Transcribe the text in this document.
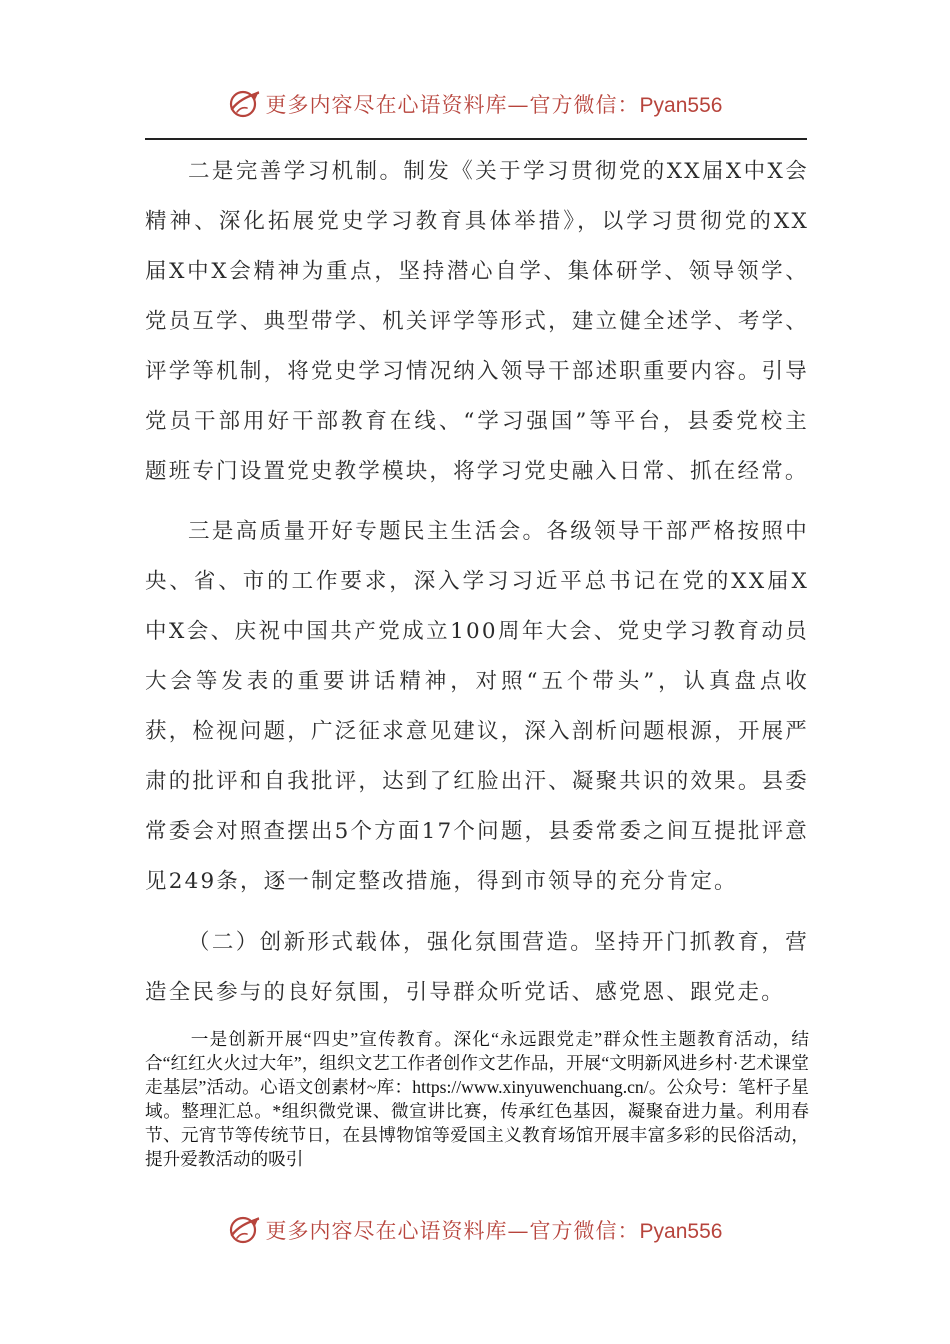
更多内容尽在心语资料库—官方微信：Pyan556

二是完善学习机制。制发《关于学习贯彻党的XX届X中X会精神、深化拓展党史学习教育具体举措》，以学习贯彻党的XX届X中X会精神为重点，坚持潜心自学、集体研学、领导领学、党员互学、典型带学、机关评学等形式，建立健全述学、考学、评学等机制，将党史学习情况纳入领导干部述职重要内容。引导党员干部用好干部教育在线、“学习强国”等平台，县委党校主题班专门设置党史教学模块，将学习党史融入日常、抓在经常。

三是高质量开好专题民主生活会。各级领导干部严格按照中央、省、市的工作要求，深入学习习近平总书记在党的XX届X中X会、庆祝中国共产党成立100周年大会、党史学习教育动员大会等发表的重要讲话精神，对照“五个带头”，认真盘点收获，检视问题，广泛征求意见建议，深入剖析问题根源，开展严肃的批评和自我批评，达到了红脸出汗、凝聚共识的效果。县委常委会对照查摆出5个方面17个问题，县委常委之间互提批评意见249条，逐一制定整改措施，得到市领导的充分肯定。

（二）创新形式载体，强化氛围营造。坚持开门抓教育，营造全民参与的良好氛围，引导群众听党话、感党恩、跟党走。

一是创新开展“四史”宣传教育。深化“永远跟党走”群众性主题教育活动，结合“红红火火过大年”，组织文艺工作者创作文艺作品，开展“文明新风进乡村·艺术课堂走基层”活动。心语文创素材~库：https://www.xinyuwenchuang.cn/。公众号：笔杆子星域。整理汇总。*组织微党课、微宣讲比赛，传承红色基因，凝聚奋进力量。利用春节、元宵节等传统节日，在县博物馆等爱国主义教育场馆开展丰富多彩的民俗活动，提升爱教活动的吸引

更多内容尽在心语资料库—官方微信：Pyan556
